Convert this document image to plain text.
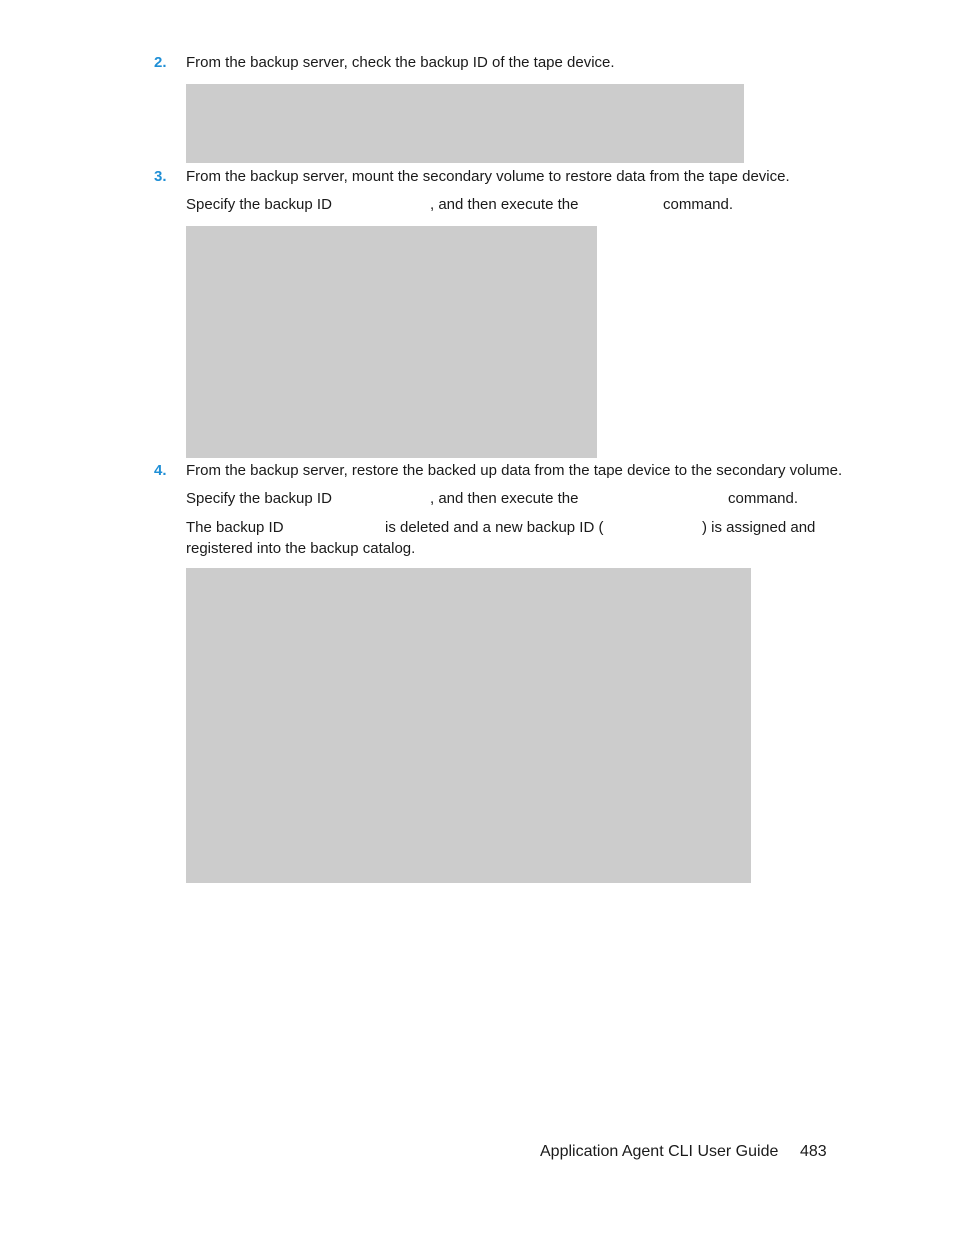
2. From the backup server, check the backup ID of the tape device.
3. From the backup server, mount the secondary volume to restore data from the tape device.
Specify the backup ID	, and then execute the	command.
4. From the backup server, restore the backed up data from the tape device to the secondary volume.
Specify the backup ID	, and then execute the	command.
The backup ID	is deleted and a new backup ID (	) is assigned and
registered into the backup catalog.
Application Agent CLI User Guide 483
